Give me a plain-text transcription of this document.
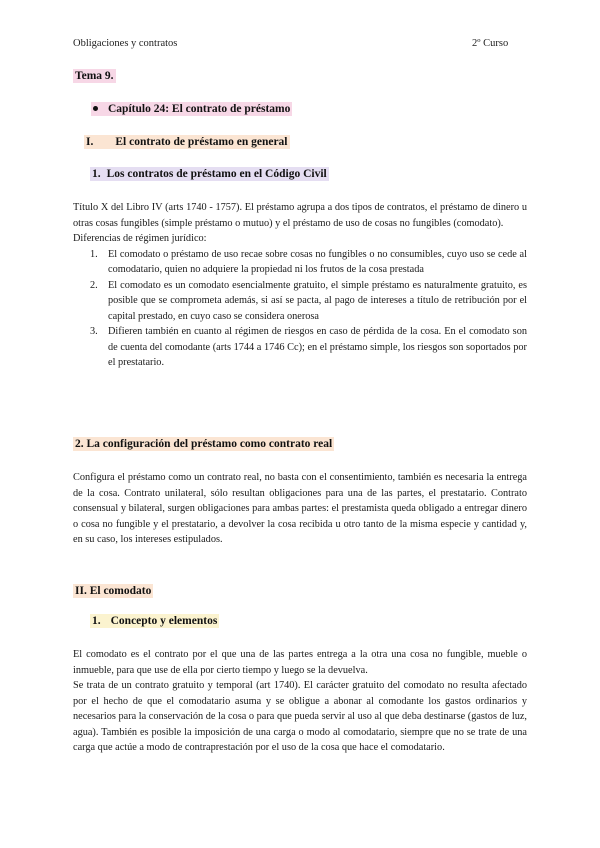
Obligaciones y contratos	2º Curso
Tema 9.
Capítulo 24: El contrato de préstamo
I. El contrato de préstamo en general
1. Los contratos de préstamo en el Código Civil

Título X del Libro IV (arts 1740 - 1757). El préstamo agrupa a dos tipos de contratos, el préstamo de dinero u otras cosas fungibles (simple préstamo o mutuo) y el préstamo de uso de cosas no fungibles (comodato).

Diferencias de régimen jurídico:

1. El comodato o préstamo de uso recae sobre cosas no fungibles o no consumibles, cuyo uso se cede al comodatario, quien no adquiere la propiedad ni los frutos de la cosa prestada
2. El comodato es un comodato esencialmente gratuito, el simple préstamo es naturalmente gratuito, es posible que se comprometa además, si así se pacta, al pago de intereses a título de retribución por el capital prestado, en cuyo caso se considera onerosa
3. Difieren también en cuanto al régimen de riesgos en caso de pérdida de la cosa. En el comodato son de cuenta del comodante (arts 1744 a 1746 Cc); en el préstamo simple, los riesgos son soportados por el prestatario.
2. La configuración del préstamo como contrato real

Configura el préstamo como un contrato real, no basta con el consentimiento, también es necesaria la entrega de la cosa. Contrato unilateral, sólo resultan obligaciones para una de las partes, el prestatario. Contrato consensual y bilateral, surgen obligaciones para ambas partes: el prestamista queda obligado a entregar dinero o cosa no fungible y el prestatario, a devolver la cosa recibida u otro tanto de la misma especie y cantidad y, en su caso, los intereses estipulados.

II. El comodato
1. Concepto y elementos

El comodato es el contrato por el que una de las partes entrega a la otra una cosa no fungible, mueble o inmueble, para que use de ella por cierto tiempo y luego se la devuelva.

Se trata de un contrato gratuito y temporal (art 1740). El carácter gratuito del comodato no resulta afectado por el hecho de que el comodatario asuma y se obligue a abonar al comodante los gastos ordinarios y necesarios para la conservación de la cosa o para que pueda servir al uso al que deba destinarse (gastos de luz, agua). También es posible la imposición de una carga o modo al comodatario, siempre que no se trate de una carga que actúe a modo de contraprestación por el uso de la cosa que hace el comodatario.
